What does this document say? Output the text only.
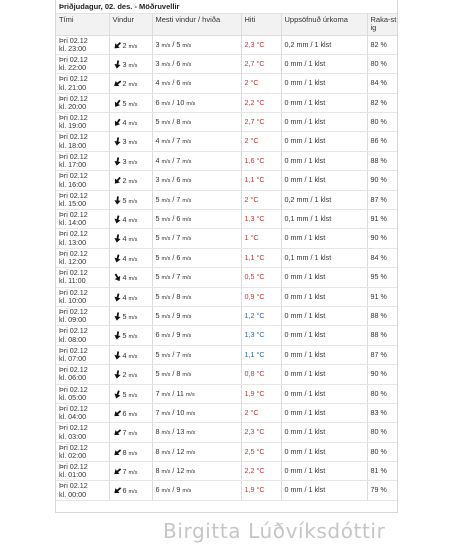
Þriðjudagur, 02. des. - Möðruvellir
Tími	Vindur	Mesti vindur / hviða	Hiti	Uppsöfnuð úrkoma	Raka-stig
Þri 02.12
kl. 23:00	2 m/s	3 m/s / 5 m/s	2,3 °C	0,2 mm / 1 klst	82 %
Þri 02.12
kl. 22:00	3 m/s	3 m/s / 6 m/s	2,7 °C	0 mm / 1 klst	80 %
Þri 02.12
kl. 21:00	2 m/s	4 m/s / 6 m/s	2 °C	0 mm / 1 klst	84 %
Þri 02.12
kl. 20:00	5 m/s	6 m/s / 10 m/s	2,2 °C	0 mm / 1 klst	82 %
Þri 02.12
kl. 19:00	4 m/s	5 m/s / 8 m/s	2,7 °C	0 mm / 1 klst	80 %
Þri 02.12
kl. 18:00	3 m/s	4 m/s / 7 m/s	2 °C	0 mm / 1 klst	86 %
Þri 02.12
kl. 17:00	3 m/s	4 m/s / 7 m/s	1,6 °C	0 mm / 1 klst	88 %
Þri 02.12
kl. 16:00	2 m/s	3 m/s / 6 m/s	1,1 °C	0 mm / 1 klst	90 %
Þri 02.12
kl. 15:00	5 m/s	5 m/s / 7 m/s	2 °C	0,2 mm / 1 klst	87 %
Þri 02.12
kl. 14:00	4 m/s	5 m/s / 6 m/s	1,3 °C	0,1 mm / 1 klst	91 %
Þri 02.12
kl. 13:00	4 m/s	5 m/s / 7 m/s	1 °C	0 mm / 1 klst	90 %
Þri 02.12
kl. 12:00	4 m/s	5 m/s / 6 m/s	1,1 °C	0,1 mm / 1 klst	84 %
Þri 02.12
kl. 11:00	4 m/s	5 m/s / 7 m/s	0,5 °C	0 mm / 1 klst	95 %
Þri 02.12
kl. 10:00	4 m/s	5 m/s / 8 m/s	0,9 °C	0 mm / 1 klst	91 %
Þri 02.12
kl. 09:00	5 m/s	5 m/s / 9 m/s	1,2 °C	0 mm / 1 klst	88 %
Þri 02.12
kl. 08:00	5 m/s	6 m/s / 9 m/s	1,3 °C	0 mm / 1 klst	88 %
Þri 02.12
kl. 07:00	4 m/s	5 m/s / 7 m/s	1,1 °C	0 mm / 1 klst	87 %
Þri 02.12
kl. 06:00	2 m/s	5 m/s / 8 m/s	0,8 °C	0 mm / 1 klst	90 %
Þri 02.12
kl. 05:00	5 m/s	7 m/s / 11 m/s	1,9 °C	0 mm / 1 klst	80 %
Þri 02.12
kl. 04:00	6 m/s	7 m/s / 10 m/s	2 °C	0 mm / 1 klst	83 %
Þri 02.12
kl. 03:00	7 m/s	8 m/s / 13 m/s	2,3 °C	0 mm / 1 klst	80 %
Þri 02.12
kl. 02:00	8 m/s	8 m/s / 12 m/s	2,5 °C	0 mm / 1 klst	80 %
Þri 02.12
kl. 01:00	7 m/s	8 m/s / 12 m/s	2,2 °C	0 mm / 1 klst	81 %
Þri 02.12
kl. 00:00	6 m/s	6 m/s / 9 m/s	1,9 °C	0 mm / 1 klst	79 %
Birgitta Lúðvíksdóttir
